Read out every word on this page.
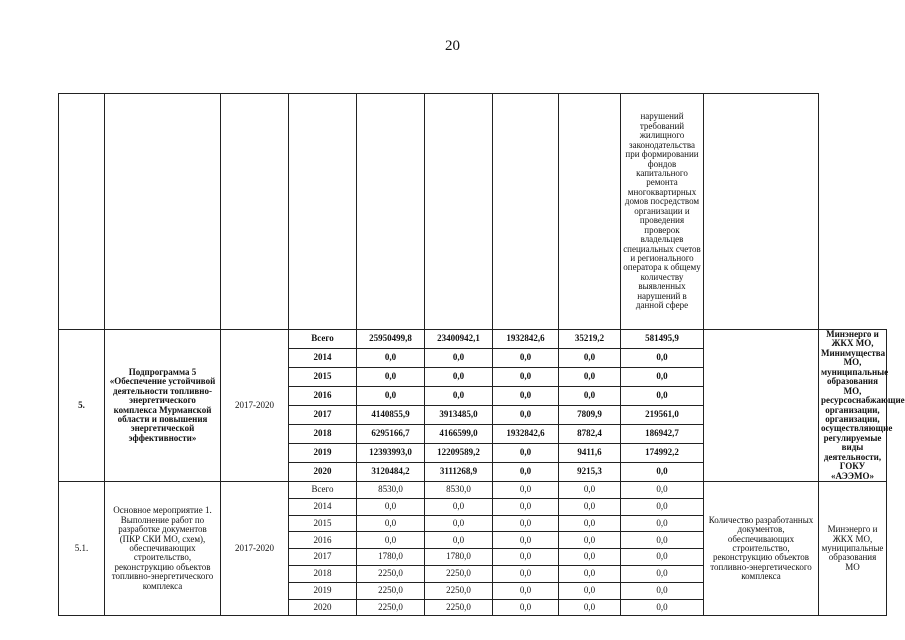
20
								нарушений требований жилищного законодательства при формировании фондов капитального ремонта многоквартирных домов посредством организации и проведения проверок владельцев специальных счетов и регионального оператора к общему количеству выявленных нарушений в данной сфере		
5.	Подпрограмма 5 «Обеспечение устойчивой деятельности топливно-энергетического комплекса Мурманской области и повышения энергетической эффективности»	2017-2020	Всего	25950499,8	23400942,1	1932842,6	35219,2	581495,9		Минэнерго и ЖКХ МО, Минимущества МО, муниципальные образования МО, ресурсоснабжающие организации, организации, осуществляющие регулируемые виды деятельности, ГОКУ «АЭЭМО»
			2014	0,0	0,0	0,0	0,0	0,0		
			2015	0,0	0,0	0,0	0,0	0,0		
			2016	0,0	0,0	0,0	0,0	0,0		
			2017	4140855,9	3913485,0	0,0	7809,9	219561,0		
			2018	6295166,7	4166599,0	1932842,6	8782,4	186942,7		
			2019	12393993,0	12209589,2	0,0	9411,6	174992,2		
			2020	3120484,2	3111268,9	0,0	9215,3	0,0		
5.1.	Основное мероприятие 1. Выполнение работ по разработке документов (ПКР СКИ МО, схем), обеспечивающих строительство, реконструкцию объектов топливно-энергетического комплекса	2017-2020	Всего	8530,0	8530,0	0,0	0,0	0,0	Количество разработанных документов, обеспечивающих строительство, реконструкцию объектов топливно-энергетического комплекса	Минэнерго и ЖКХ МО, муниципальные образования МО
			2014	0,0	0,0	0,0	0,0	0,0		
			2015	0,0	0,0	0,0	0,0	0,0		
			2016	0,0	0,0	0,0	0,0	0,0		
			2017	1780,0	1780,0	0,0	0,0	0,0		
			2018	2250,0	2250,0	0,0	0,0	0,0		
			2019	2250,0	2250,0	0,0	0,0	0,0		
			2020	2250,0	2250,0	0,0	0,0	0,0		
